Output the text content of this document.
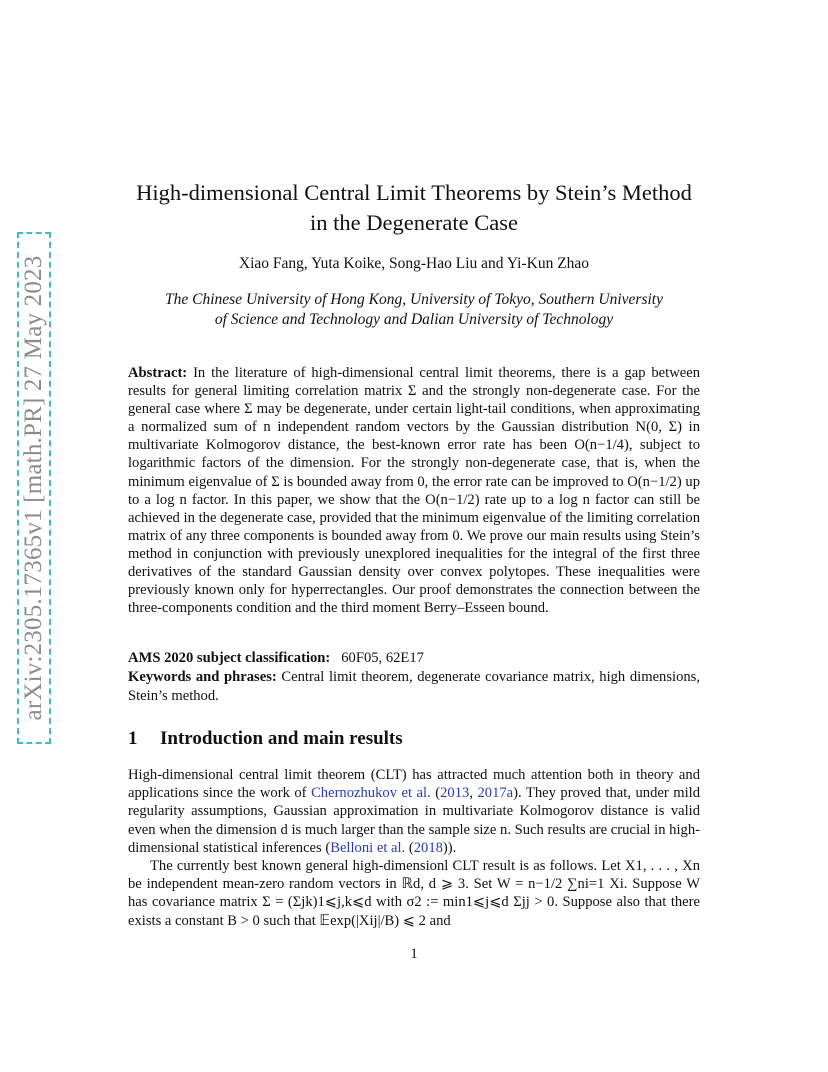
arXiv:2305.17365v1 [math.PR] 27 May 2023
High-dimensional Central Limit Theorems by Stein’s Method
in the Degenerate Case
Xiao Fang, Yuta Koike, Song-Hao Liu and Yi-Kun Zhao
The Chinese University of Hong Kong, University of Tokyo, Southern University
of Science and Technology and Dalian University of Technology
Abstract: In the literature of high-dimensional central limit theorems, there is a gap between results for general limiting correlation matrix Σ and the strongly non-degenerate case. For the general case where Σ may be degenerate, under certain light-tail conditions, when approximating a normalized sum of n independent random vectors by the Gaussian distribution N(0, Σ) in multivariate Kolmogorov distance, the best-known error rate has been O(n−1/4), subject to logarithmic factors of the dimension. For the strongly non-degenerate case, that is, when the minimum eigenvalue of Σ is bounded away from 0, the error rate can be improved to O(n−1/2) up to a log n factor. In this paper, we show that the O(n−1/2) rate up to a log n factor can still be achieved in the degenerate case, provided that the minimum eigenvalue of the limiting correlation matrix of any three components is bounded away from 0. We prove our main results using Stein’s method in conjunction with previously unexplored inequalities for the integral of the first three derivatives of the standard Gaussian density over convex polytopes. These inequalities were previously known only for hyperrectangles. Our proof demonstrates the connection between the three-components condition and the third moment Berry–Esseen bound.
AMS 2020 subject classification: 60F05, 62E17
Keywords and phrases: Central limit theorem, degenerate covariance matrix, high dimensions, Stein’s method.
1 Introduction and main results

High-dimensional central limit theorem (CLT) has attracted much attention both in theory and applications since the work of Chernozhukov et al. (2013, 2017a). They proved that, under mild regularity assumptions, Gaussian approximation in multivariate Kolmogorov distance is valid even when the dimension d is much larger than the sample size n. Such results are crucial in high-dimensional statistical inferences (Belloni et al. (2018)).

The currently best known general high-dimensionl CLT result is as follows. Let X1, . . . , Xn be independent mean-zero random vectors in ℝd, d ⩾ 3. Set W = n−1/2 ∑ni=1 Xi. Suppose W has covariance matrix Σ = (Σjk)1⩽j,k⩽d with σ2 := min1⩽j⩽d Σjj > 0. Suppose also that there exists a constant B > 0 such that 𝔼exp(|Xij|/B) ⩽ 2 and

1
